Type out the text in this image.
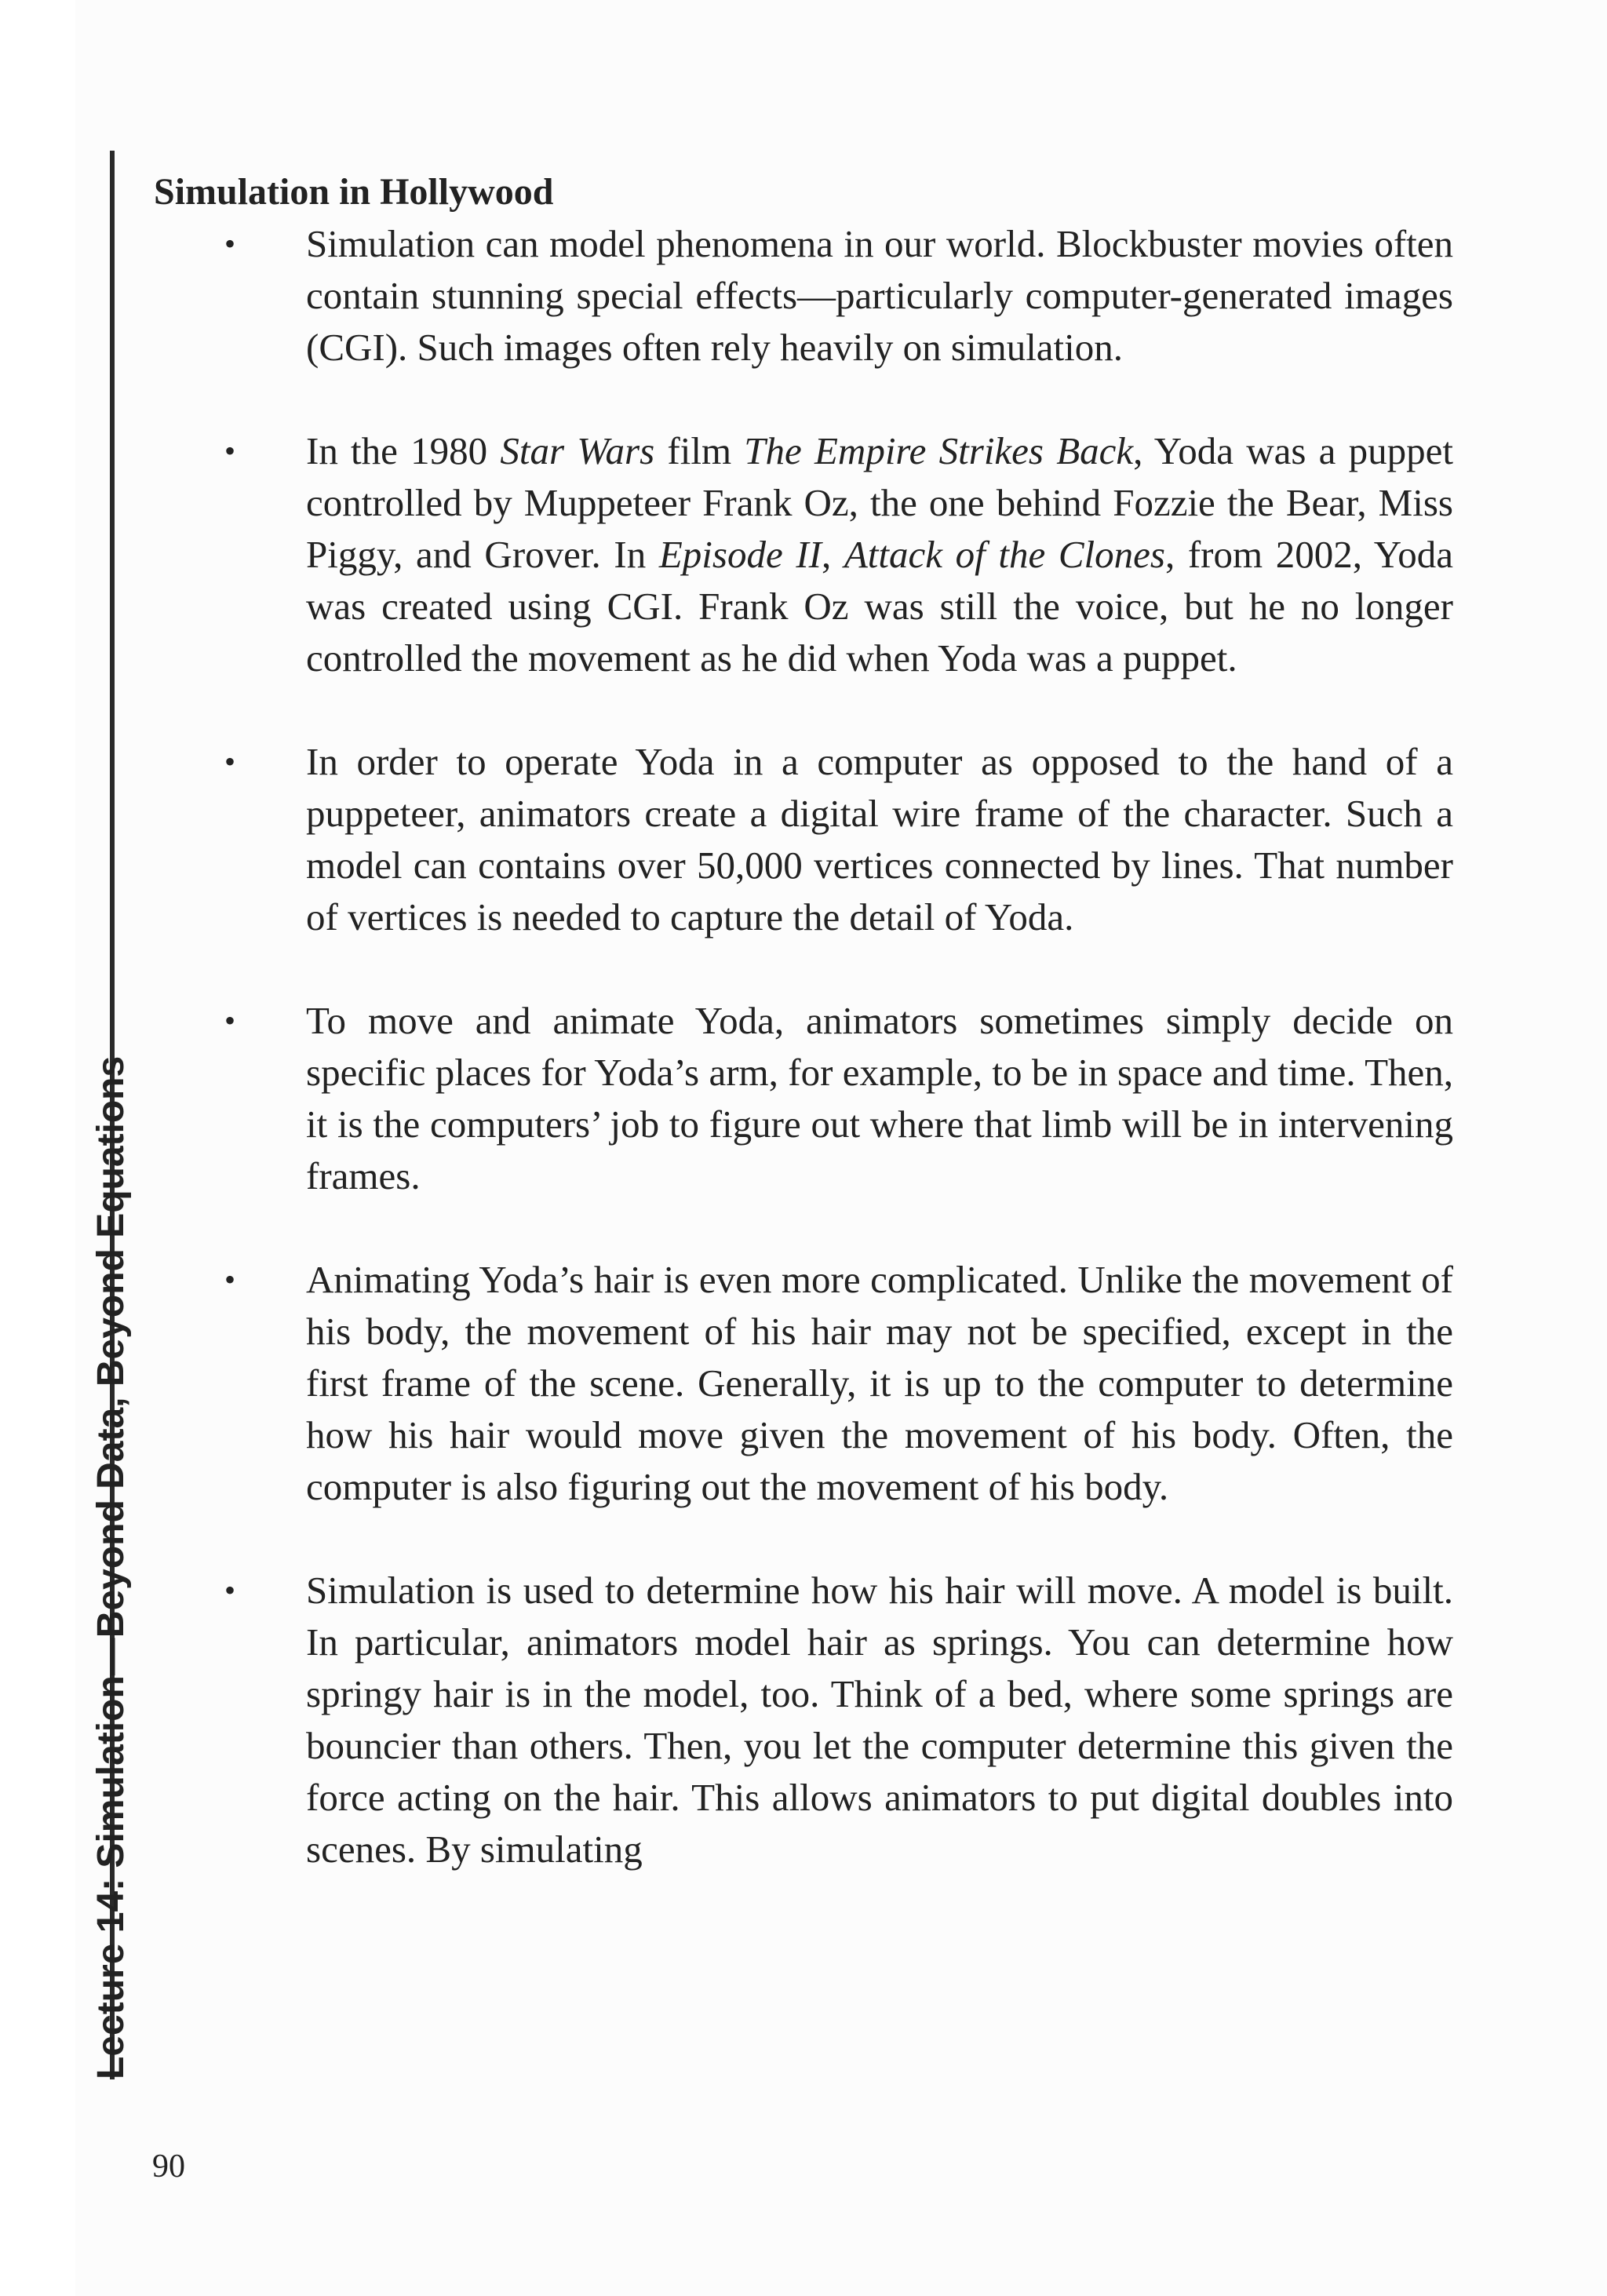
Lecture 14: Simulation—Beyond Data, Beyond Equations
Simulation in Hollywood
• Simulation can model phenomena in our world. Blockbuster movies often contain stunning special effects—particularly computer-generated images (CGI). Such images often rely heavily on simulation.
• In the 1980 Star Wars film The Empire Strikes Back, Yoda was a puppet controlled by Muppeteer Frank Oz, the one behind Fozzie the Bear, Miss Piggy, and Grover. In Episode II, Attack of the Clones, from 2002, Yoda was created using CGI. Frank Oz was still the voice, but he no longer controlled the movement as he did when Yoda was a puppet.
• In order to operate Yoda in a computer as opposed to the hand of a puppeteer, animators create a digital wire frame of the character. Such a model can contains over 50,000 vertices connected by lines. That number of vertices is needed to capture the detail of Yoda.
• To move and animate Yoda, animators sometimes simply decide on specific places for Yoda’s arm, for example, to be in space and time. Then, it is the computers’ job to figure out where that limb will be in intervening frames.
• Animating Yoda’s hair is even more complicated. Unlike the movement of his body, the movement of his hair may not be specified, except in the first frame of the scene. Generally, it is up to the computer to determine how his hair would move given the movement of his body. Often, the computer is also figuring out the movement of his body.
• Simulation is used to determine how his hair will move. A model is built. In particular, animators model hair as springs. You can determine how springy hair is in the model, too. Think of a bed, where some springs are bouncier than others. Then, you let the computer determine this given the force acting on the hair. This allows animators to put digital doubles into scenes. By simulating
90
